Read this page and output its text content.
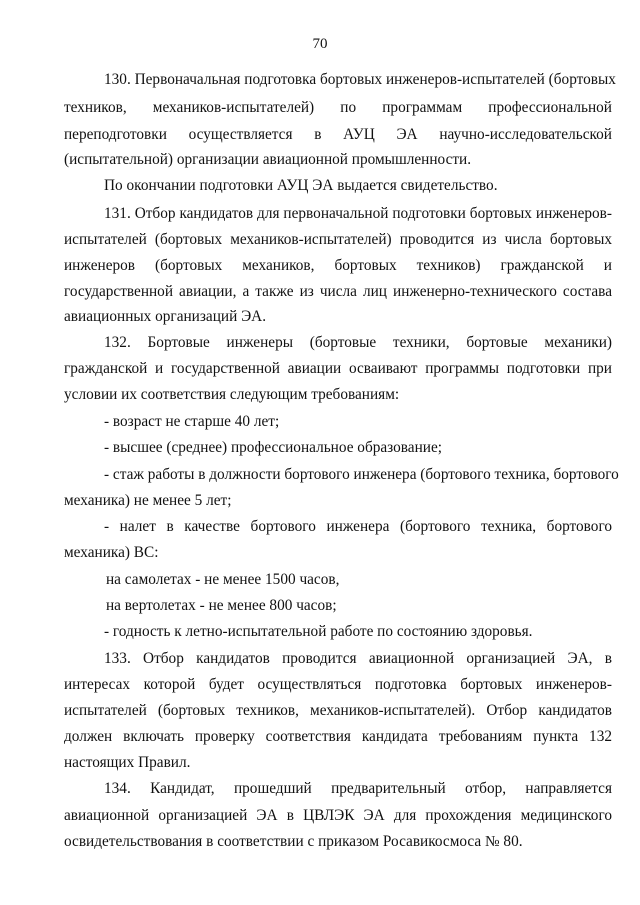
70
130. Первоначальная подготовка бортовых инженеров-испытателей (бортовых
техников, механиков-испытателей) по программам профессиональной
переподготовки осуществляется в АУЦ ЭА научно-исследовательской
(испытательной) организации авиационной промышленности.
По окончании подготовки АУЦ ЭА выдается свидетельство.
131. Отбор кандидатов для первоначальной подготовки бортовых инженеров-
испытателей (бортовых механиков-испытателей) проводится из числа бортовых
инженеров (бортовых механиков, бортовых техников) гражданской и
государственной авиации, а также из числа лиц инженерно-технического состава
авиационных организаций ЭА.
132. Бортовые инженеры (бортовые техники, бортовые механики)
гражданской и государственной авиации осваивают программы подготовки при
условии их соответствия следующим требованиям:
- возраст не старше 40 лет;
- высшее (среднее) профессиональное образование;
- стаж работы в должности бортового инженера (бортового техника, бортового
механика) не менее 5 лет;
- налет в качестве бортового инженера (бортового техника, бортового
механика) ВС:
на самолетах - не менее 1500 часов,
на вертолетах - не менее 800 часов;
- годность к летно-испытательной работе по состоянию здоровья.
133. Отбор кандидатов проводится авиационной организацией ЭА, в
интересах которой будет осуществляться подготовка бортовых инженеров-
испытателей (бортовых техников, механиков-испытателей). Отбор кандидатов
должен включать проверку соответствия кандидата требованиям пункта 132
настоящих Правил.
134. Кандидат, прошедший предварительный отбор, направляется
авиационной организацией ЭА в ЦВЛЭК ЭА для прохождения медицинского
освидетельствования в соответствии с приказом Росавикосмоса № 80.
